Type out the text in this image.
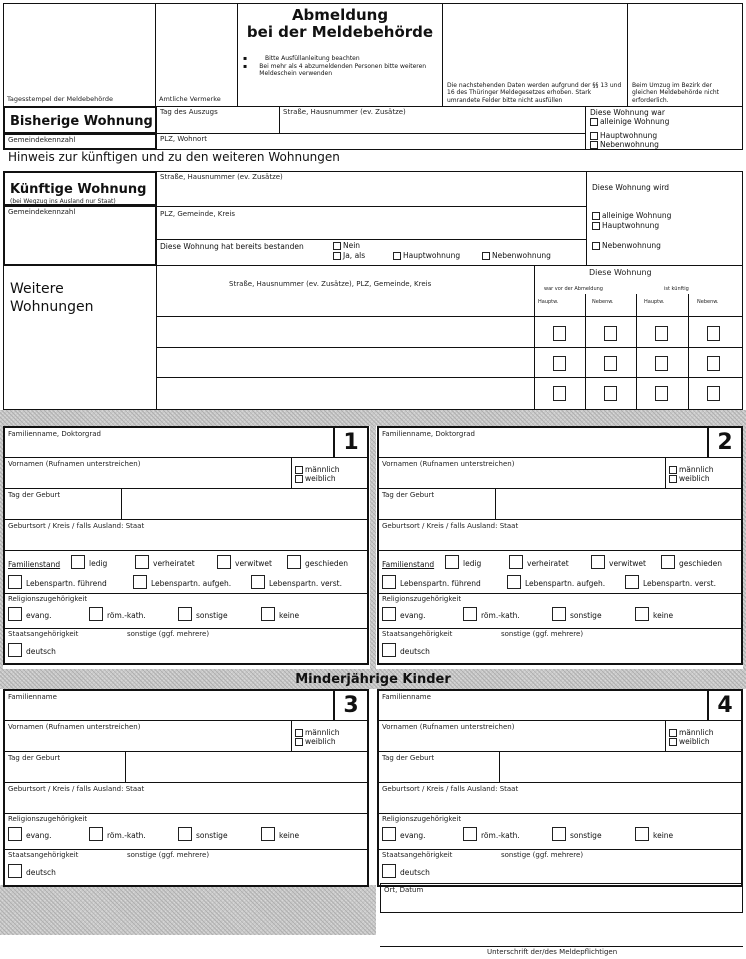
Tagesstempel der Meldebehörde	Amtliche Vermerke
Abmeldung
bei der Meldebehörde
▪	Bitte Ausfüllanleitung beachten
▪	Bei mehr als 4 abzumeldenden Personen bitte weiteren Meldeschein verwenden
Die nachstehenden Daten werden aufgrund der §§ 13 und 16 des Thüringer Meldegesetzes erhoben. Stark umrandete Felder bitte nicht ausfüllen
Beim Umzug im Bezirk der gleichen Meldebehörde nicht erforderlich.
Bisherige Wohnung
Gemeindekennzahl
Tag des Auszugs	Straße, Hausnummer (ev. Zusätze)
PLZ, Wohnort
Diese Wohnung war
alleinige Wohnung
Hauptwohnung
Nebenwohnung
Hinweis zur künftigen und zu den weiteren Wohnungen
Künftige Wohnung
(bei Wegzug ins Ausland nur Staat)
Gemeindekennzahl
Straße, Hausnummer (ev. Zusätze)
PLZ, Gemeinde, Kreis
Diese Wohnung hat bereits bestanden	Nein
Ja, als	Hauptwohnung	Nebenwohnung
Diese Wohnung wird
alleinige Wohnung
Hauptwohnung
Nebenwohnung
Weitere
Wohnungen
Straße, Hausnummer (ev. Zusätze), PLZ, Gemeinde, Kreis
Diese Wohnung
war vor der Abmeldung	ist künftig
Hauptw.	Nebenw.	Hauptw.	Nebenw.
Minderjährige Kinder
Familienname, Doktorgrad	1
Vornamen (Rufnamen unterstreichen)
männlich
weiblich
Tag der Geburt
Geburtsort / Kreis / falls Ausland: Staat
Familienstand	ledig	verheiratet	verwitwet	geschieden
Lebenspartn. führend	Lebenspartn. aufgeh.	Lebenspartn. verst.
Religionszugehörigkeit
evang.	röm.-kath.	sonstige	keine
Staatsangehörigkeit	sonstige (ggf. mehrere)
deutsch
Familienname, Doktorgrad	2
Vornamen (Rufnamen unterstreichen)
männlich
weiblich
Tag der Geburt
Geburtsort / Kreis / falls Ausland: Staat
Familienstand	ledig	verheiratet	verwitwet	geschieden
Lebenspartn. führend	Lebenspartn. aufgeh.	Lebenspartn. verst.
Religionszugehörigkeit
evang.	röm.-kath.	sonstige	keine
Staatsangehörigkeit	sonstige (ggf. mehrere)
deutsch
Familienname	3
Vornamen (Rufnamen unterstreichen)
männlich
weiblich
Tag der Geburt
Geburtsort / Kreis / falls Ausland: Staat
Religionszugehörigkeit
evang.	röm.-kath.	sonstige	keine
Staatsangehörigkeit	sonstige (ggf. mehrere)
deutsch
Familienname	4
Vornamen (Rufnamen unterstreichen)
männlich
weiblich
Tag der Geburt
Geburtsort / Kreis / falls Ausland: Staat
Religionszugehörigkeit
evang.	röm.-kath.	sonstige	keine
Staatsangehörigkeit	sonstige (ggf. mehrere)
deutsch
Ort, Datum
Unterschrift der/des Meldepflichtigen
